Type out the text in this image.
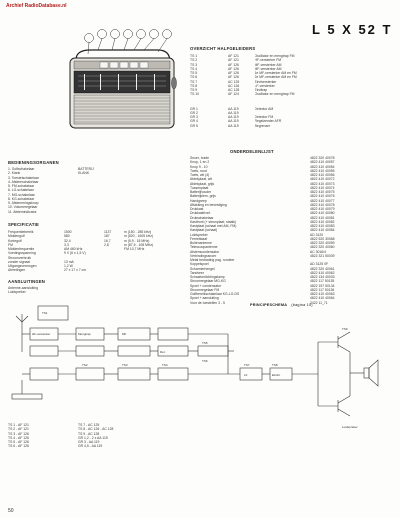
Archief RadioDatabase.nl
L 5 X 52 T
OVERZICHT HALFGELEIDERS
TS 1	AF 121	Oscillator en mengtrap FM
TS 2	AF 121	HF-versterker FM
TS 3	AF 126	MF-versterker AM
TS 4	AF 126	MF-versterker AM
TS 5	AF 126	1e MF-versterker AM en FM
TS 6	AF 126	2e MF-versterker AM en FM
TS 7	AC 125	Eindversterker
TS 8	AC 126	LF-versterker
TS 9	AC 128	Eindtrap
TS 10	AF 124	Oscillator en mengtrap FM
GR 1	AA 119	Detector AM
GR 2	AA 119
GR 3	AA 119	Detector FM
GR 4	AA 119	Regelzender AFR
GR 5	AA 119	Begrenzer
ONDERDELENLIJST
Snoer, buide	4822 320 40078
Knop, 1 en 2	4822 410 40057
Knop 9 - 10	4822 410 40054
Toets, rood	4822 410 40055
Toets, wit (4)	4822 410 40056
Afdekplaat, wit	4822 410 40072
Afdekplaat, grijs	4822 410 40073
Tussenplaat	4822 410 40074
Batterijhouder	4822 410 40075
Batterijklem, grijs	4822 410 40076
Handgreep	4822 410 40077
Aftakking en bevestiging	4822 410 40078
Drukkast	4822 410 40079
Drukkastfront	4822 410 40080
Drukschakelaar	4822 410 40081
Kastfront (+ steunplaat, staalk)	4822 410 40082
Kastplaat (schaal met AM, FM)	4822 410 40083
Kastplaat (schaal)	4822 410 40084
Luidspreker	AD 3120
Ferrietstaaf	4822 520 30068
Buitenantenne	4822 320 40059
Telescoopantenne	4822 320 40060
Afstemcondensator	AC 3016/4
Verbindingssnoer	4822 321 50039
Metal bedrading pag. rondeer
Koppelspoel	AD 3125 0F
Scharnierhengel	4822 320 40061
Tandveer	4822 410 40062
Schaalverlichtingslamp	4822 134 40033
Stroomregelaar MG-KG	4822 117 50135
Spoel + condensator	4822 157 50134
Stroomregelaar FM	4822 117 50136
Golfbereikschakelaar KG-LG-DS	4822 410 40063
Spoel + aansluiting	4822 410 40064
Voor de toestellen 3 - 5	2422 11_71
BEDIENINGSORGANEN
1. Golfschakelaar	BATTERIJ
2. Klank	KLANK
3. Toestelschakelaar
4. Afstemschakelaar
5. FM-schakelaar
6. LG-schakelaar
7. MG-schakelaar
8. KG-schakelaar
9. Afstemmingsknop
10. Volumeregelaar
11. Afstemindicator
SPECIFICATIE
Frequentiebereik	1500	1137	m (150 - 285 kHz)
Middengolf	580	187	m (520 - 1605 kHz)
Kortegolf	32,4	16,7	m (5,9 - 18 MHz)
FM	3,3	2,8	m (87,5 - 108 MHz)
Middenfrequentie	AM 460 kHz	FM 10,7 MHz
Voedingsspanning	9 V (6 x 1,5 V)
Stroomverbruik
zonder signaal	13 mA
Uitgangsvermogen	1,2 W
Afmetingen	27 x 17 x 7 cm
AANSLUITINGEN
Antenne-aansluiting
Luidspreker
PRINCIPESCHEMA (bagina 10)
TS1
HF-versterker	Mengtrap	MF
Det.
LF	Eindtr.
Luidspreker
TS2	TS3	TS4
TS5
TS6
TS7	TS8
TS9
TS 1 - AF 121
TS 2 - AF 121
TS 3 - AF 126
TS 4 - AF 126
TS 5 - AF 126
TS 6 - AF 126
TS 7 - AC 125
TS 8 - AC 126 - AC 128
TS 9 - AC 128
GR 1,2 - 2 x AA 119
GR 3 - AA 119
GR 4,5 - AA 119
50
